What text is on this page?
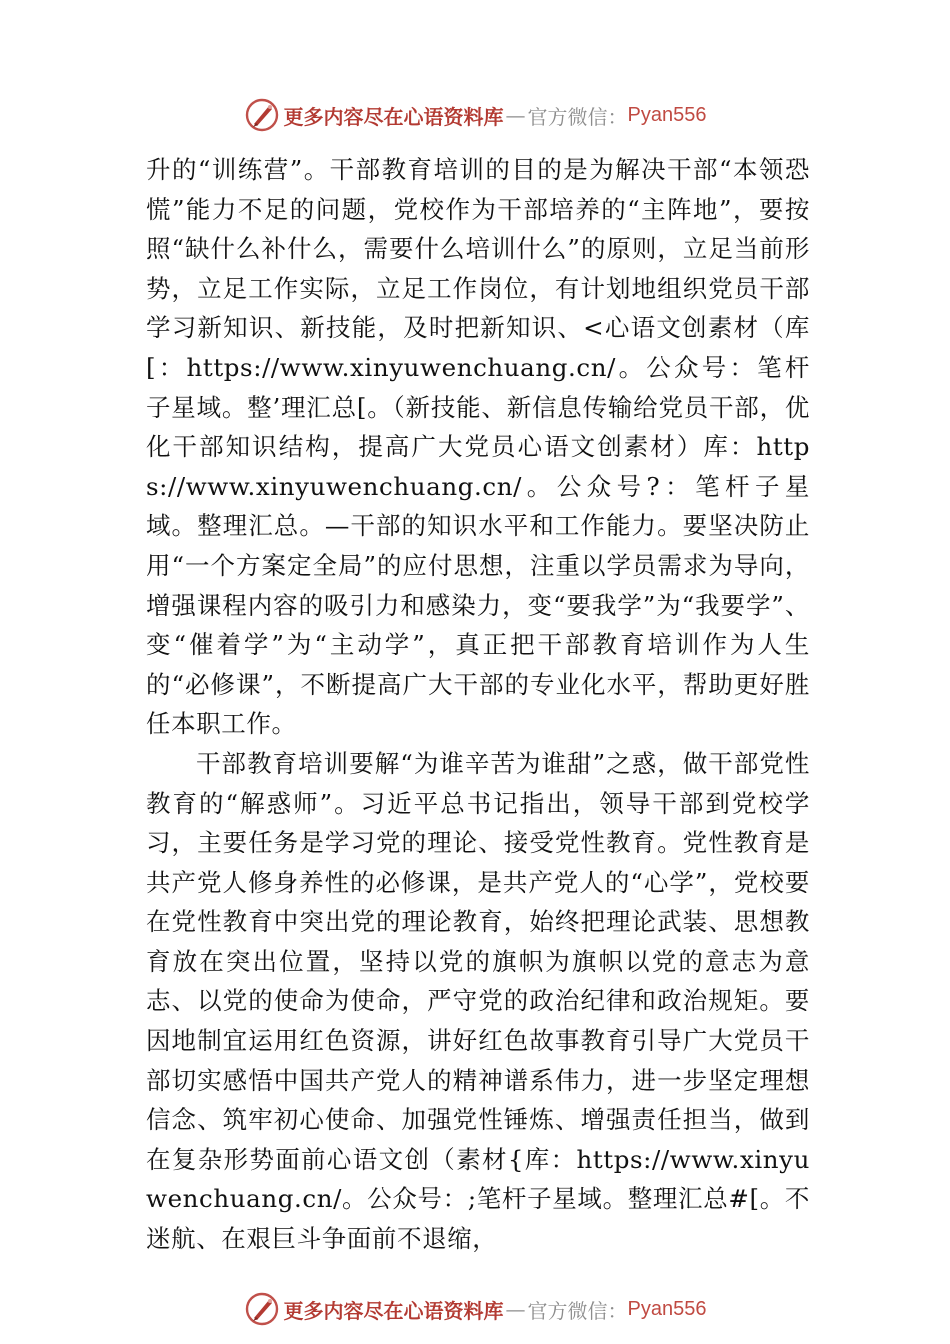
更多内容尽在心语资料库 — 官方微信： Pyan556

升的“训练营”。干部教育培训的目的是为解决干部“本领恐慌”能力不足的问题，党校作为干部培养的“主阵地”，要按照“缺什么补什么，需要什么培训什么”的原则，立足当前形势，立足工作实际，立足工作岗位，有计划地组织党员干部学习新知识、新技能，及时把新知识、<心语文创素材（库[：https://www.xinyuwenchuang.cn/。公众号：笔杆子星域。整’理汇总[。（新技能、新信息传输给党员干部，优化干部知识结构，提高广大党员心语文创素材）库：https://www.xinyuwenchuang.cn/。公众号?：笔杆子星域。整理汇总。—干部的知识水平和工作能力。要坚决防止用“一个方案定全局”的应付思想，注重以学员需求为导向，增强课程内容的吸引力和感染力，变“要我学”为“我要学”、变“催着学”为“主动学”，真正把干部教育培训作为人生的“必修课”，不断提高广大干部的专业化水平，帮助更好胜任本职工作。

干部教育培训要解“为谁辛苦为谁甜”之惑，做干部党性教育的“解惑师”。习近平总书记指出，领导干部到党校学习，主要任务是学习党的理论、接受党性教育。党性教育是共产党人修身养性的必修课，是共产党人的“心学”，党校要在党性教育中突出党的理论教育，始终把理论武装、思想教育放在突出位置，坚持以党的旗帜为旗帜以党的意志为意志、以党的使命为使命，严守党的政治纪律和政治规矩。要因地制宜运用红色资源，讲好红色故事教育引导广大党员干部切实感悟中国共产党人的精神谱系伟力，进一步坚定理想信念、筑牢初心使命、加强党性锤炼、增强责任担当，做到在复杂形势面前心语文创（素材{库：https://www.xinyuwenchuang.cn/。公众号：;笔杆子星域。整理汇总#[。不迷航、在艰巨斗争面前不退缩，

更多内容尽在心语资料库 — 官方微信： Pyan556
